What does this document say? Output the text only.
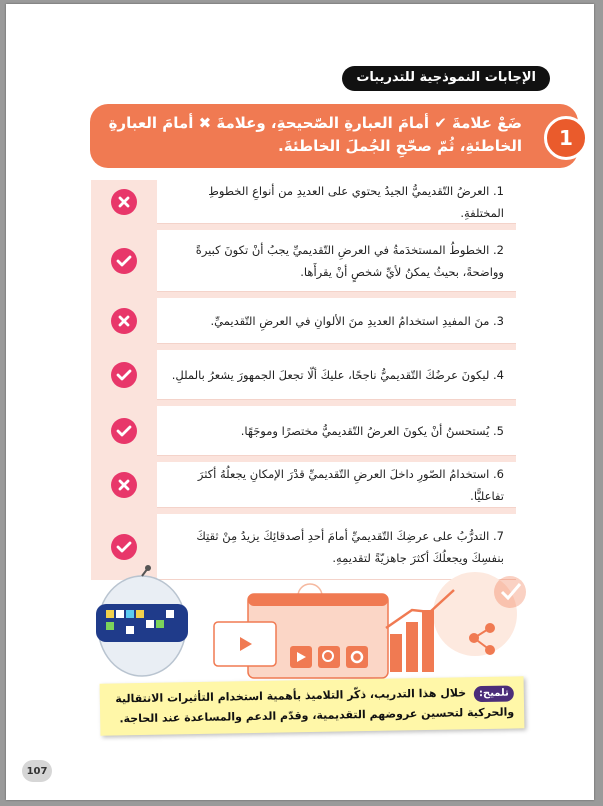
الإجابات النموذجية للتدريبات
ضَعْ علامةَ ✔ أمامَ العبارةِ الصّحيحةِ، وعلامةَ ✖ أمامَ العبارةِ الخاطئةِ، ثُمّ صحّحِ الجُملَ الخاطئةَ.	1
1. العرضُ التّقديميُّ الجيدُ يحتوي على العديدِ من أنواعِ الخطوطِ المختلفةِ.
2. الخطوطُ المستخدَمةُ في العرضِ التّقديميِّ يجبُ أنْ تكونَ كبيرةً وواضحةً، بحيثُ يمكنُ لأيِّ شخصٍ أنْ يقرأَها.
3. منَ المفيدِ استخدامُ العديدِ منَ الألوانِ في العرضِ التّقديميِّ.
4. ليكونَ عرضُكَ التّقديميُّ ناجحًا، عليكَ ألّا تجعلَ الجمهورَ يشعرُ بالمللِ.
5. يُستحسنُ أنْ يكونَ العرضُ التّقديميُّ مختصرًا وموجَهًا.
6. استخدامُ الصّورِ داخلَ العرضِ التّقديميِّ قدْرَ الإمكانِ يجعلُهُ أكثرَ تفاعليًّا.
7. التدرُّبُ على عرضِكَ التّقديميِّ أمامَ أحدِ أصدقائِكَ يزيدُ مِنْ ثقتِكَ بنفسِكَ ويجعلُكَ أكثرَ جاهزيّةً لتقديمِهِ.
تلميح: خلال هذا التدريب، ذكّر التلاميذ بأهمية استخدام التأثيرات الانتقالية والحركية لتحسين عروضهم التقديمية، وقدّم الدعم والمساعدة عند الحاجة.
107
